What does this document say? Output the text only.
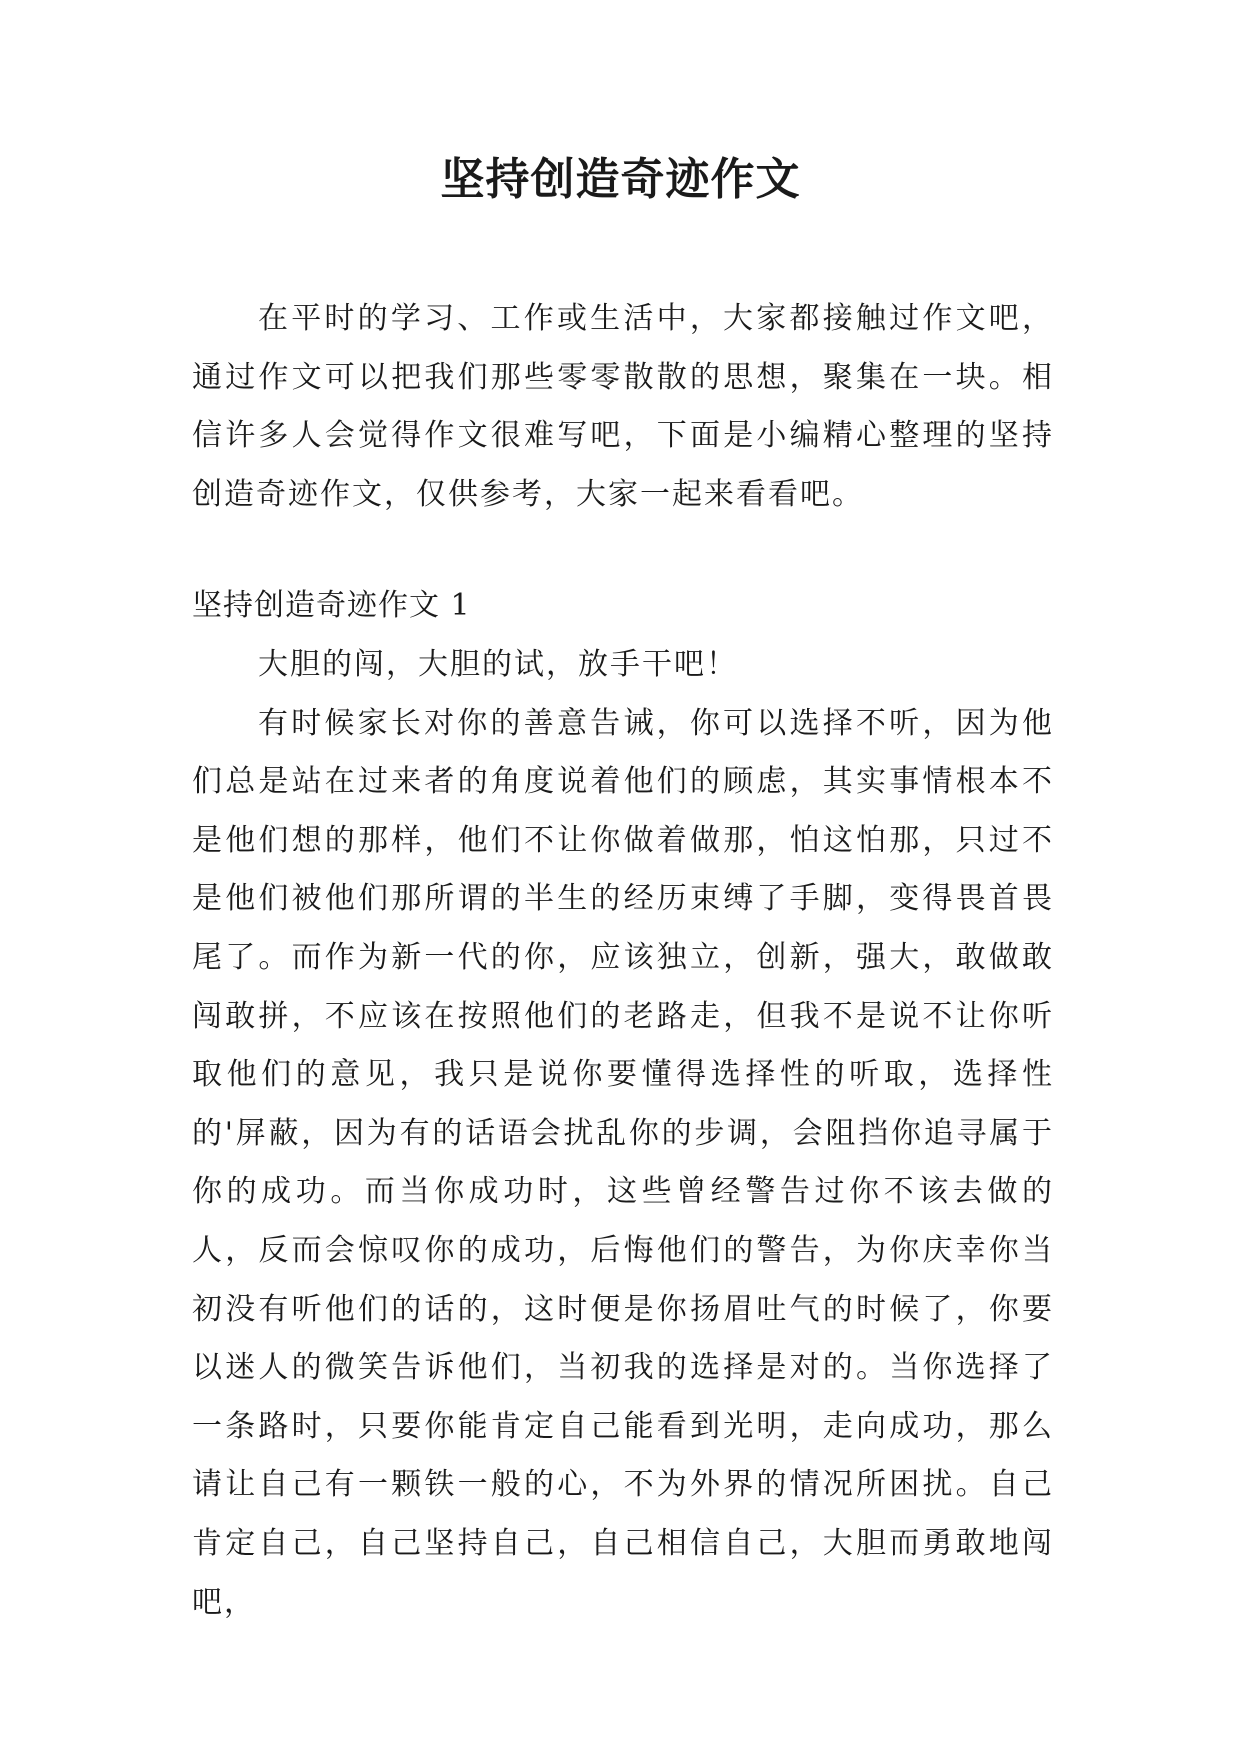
坚持创造奇迹作文

在平时的学习、工作或生活中，大家都接触过作文吧，通过作文可以把我们那些零零散散的思想，聚集在一块。相信许多人会觉得作文很难写吧，下面是小编精心整理的坚持创造奇迹作文，仅供参考，大家一起来看看吧。

坚持创造奇迹作文 1

大胆的闯，大胆的试，放手干吧！

有时候家长对你的善意告诫，你可以选择不听，因为他们总是站在过来者的角度说着他们的顾虑，其实事情根本不是他们想的那样，他们不让你做着做那，怕这怕那，只过不是他们被他们那所谓的半生的经历束缚了手脚，变得畏首畏尾了。而作为新一代的你，应该独立，创新，强大，敢做敢闯敢拼，不应该在按照他们的老路走，但我不是说不让你听取他们的意见，我只是说你要懂得选择性的听取，选择性的'屏蔽，因为有的话语会扰乱你的步调，会阻挡你追寻属于你的成功。而当你成功时，这些曾经警告过你不该去做的人，反而会惊叹你的成功，后悔他们的警告，为你庆幸你当初没有听他们的话的，这时便是你扬眉吐气的时候了，你要以迷人的微笑告诉他们，当初我的选择是对的。当你选择了一条路时，只要你能肯定自己能看到光明，走向成功，那么请让自己有一颗铁一般的心，不为外界的情况所困扰。自己肯定自己，自己坚持自己，自己相信自己，大胆而勇敢地闯吧，
